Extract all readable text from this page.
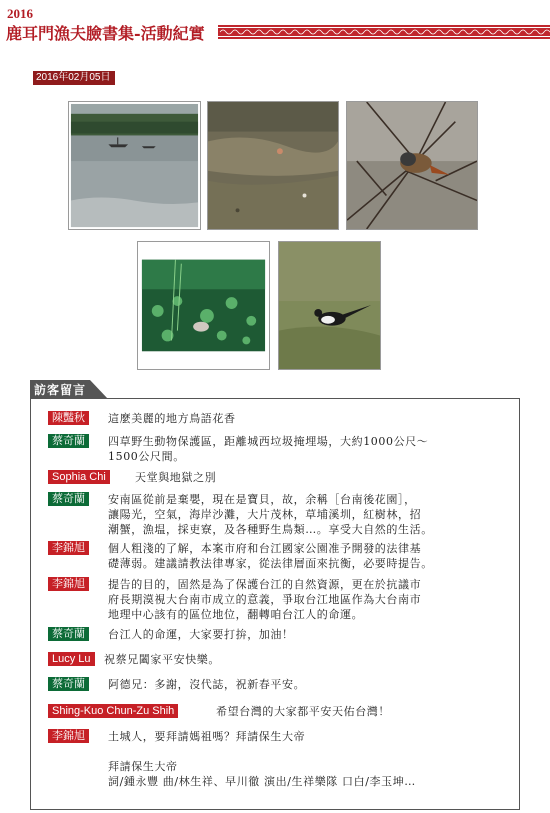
2016
鹿耳門漁夫臉書集-活動紀實
2016年02月05日
訪客留言
陳豔秋 這麼美麗的地方鳥語花香
蔡奇蘭 四草野生動物保護區，距離城西垃圾掩埋場，大約1000公尺～
1500公尺間。
Sophia Chi	天堂與地獄之別
蔡奇蘭 安南區從前是棄嬰，現在是寶貝，故，余稱［台南後花園］，
讓陽光，空氣，海岸沙灘，大片茂林，草埔溪圳，紅樹林，招
潮蟹，漁塭，採吏寮，及各種野生鳥類…。享受大自然的生活。
李錦旭 個人粗淺的了解，本案市府和台江國家公園准予開發的法律基
礎薄弱。建議請教法律專家，從法律層面來抗衡，必要時提告。
李錦旭 提告的目的，固然是為了保護台江的自然資源，更在於抗議市
府長期漠視大台南市成立的意義，爭取台江地區作為大台南市
地理中心該有的區位地位，翻轉咱台江人的命運。
蔡奇蘭 台江人的命運，大家要打拚，加油！
Lucy Lu 祝蔡兄闔家平安快樂。
蔡奇蘭 阿德兄：多謝，沒代誌，祝新春平安。
Shing-Kuo Chun-Zu Shih	希望台灣的大家都平安天佑台灣！
李錦旭 土城人，要拜請媽祖嗎？拜請保生大帝

拜請保生大帝
詞/鍾永豐 曲/林生祥、早川徹 演出/生祥樂隊 口白/李玉坤…
